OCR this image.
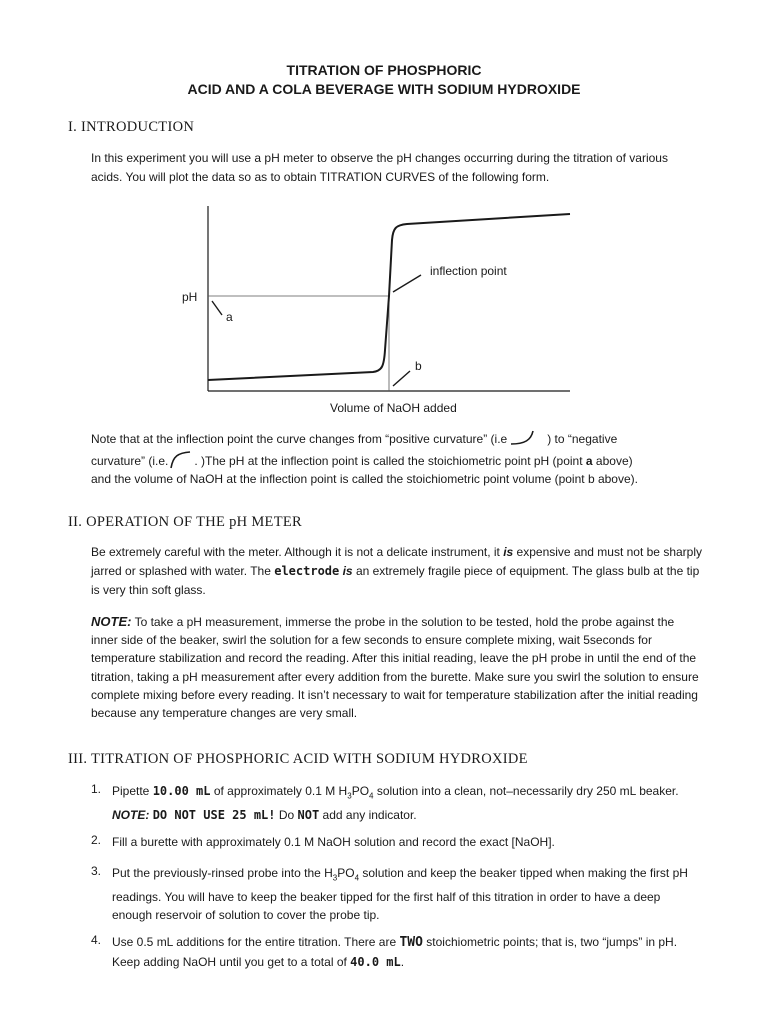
TITRATION OF PHOSPHORIC
ACID AND A COLA BEVERAGE WITH SODIUM HYDROXIDE
I. INTRODUCTION

In this experiment you will use a pH meter to observe the pH changes occurring during the titration of various

acids. You will plot the data so as to obtain TITRATION CURVES of the following form.

pH
inflection point
a
b
Volume of NaOH added
Note that at the inflection point the curve changes from “positive curvature” (i.e	) to “negative
curvature” (i.e. . )The pH at the inflection point is called the stoichiometric point pH (point a above)
and the volume of NaOH at the inflection point is called the stoichiometric point volume (point b above).
II. OPERATION OF THE pH METER

Be extremely careful with the meter. Although it is not a delicate instrument, it is expensive and must not be sharply jarred or splashed with water. The electrode is an extremely fragile piece of equipment. The glass bulb at the tip is very thin soft glass.

NOTE: To take a pH measurement, immerse the probe in the solution to be tested, hold the probe against the inner side of the beaker, swirl the solution for a few seconds to ensure complete mixing, wait 5seconds for temperature stabilization and record the reading. After this initial reading, leave the pH probe in until the end of the titration, taking a pH measurement after every addition from the burette. Make sure you swirl the solution to ensure complete mixing before every reading. It isn’t necessary to wait for temperature stabilization after the initial reading because any temperature changes are very small.

III. TITRATION OF PHOSPHORIC ACID WITH SODIUM HYDROXIDE
1. Pipette 10.00 mL of approximately 0.1 M $H_3PO_4$ solution into a clean, not–necessarily dry 250 mL beaker. NOTE: DO NOT USE 25 mL! Do NOT add any indicator.

2. Fill a burette with approximately 0.1 M NaOH solution and record the exact [NaOH].

3. Put the previously-rinsed probe into the $H_3PO_4$ solution and keep the beaker tipped when making the first pH readings. You will have to keep the beaker tipped for the first half of this titration in order to have a deep enough reservoir of solution to cover the probe tip.

4. Use 0.5 mL additions for the entire titration. There are TWO stoichiometric points; that is, two “jumps” in pH. Keep adding NaOH until you get to a total of 40.0 mL.
